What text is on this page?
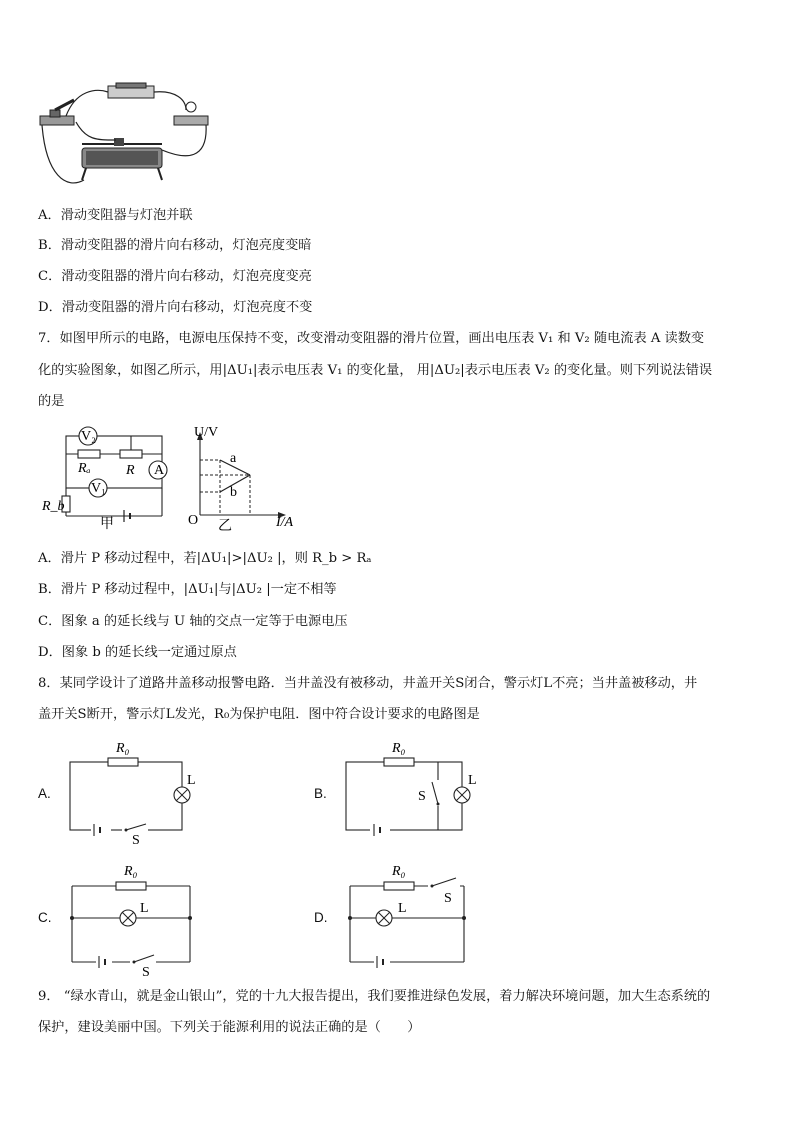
A．滑动变阻器与灯泡并联
B．滑动变阻器的滑片向右移动，灯泡亮度变暗
C．滑动变阻器的滑片向右移动，灯泡亮度变亮
D．滑动变阻器的滑片向右移动，灯泡亮度不变
7．如图甲所示的电路，电源电压保持不变，改变滑动变阻器的滑片位置，画出电压表 V₁ 和 V₂ 随电流表 A 读数变
化的实验图象，如图乙所示，用|ΔU₁|表示电压表 V₁ 的变化量， 用|ΔU₂|表示电压表 V₂ 的变化量。则下列说法错误
的是
V₂
Rₐ	R A
V₁
R_b
甲
U/V
I/A
O
a
b
乙
A．滑片 P 移动过程中，若|ΔU₁|>|ΔU₂ |，则 R_b > Rₐ
B．滑片 P 移动过程中，|ΔU₁|与|ΔU₂ |一定不相等
C．图象 a 的延长线与 U 轴的交点一定等于电源电压
D．图象 b 的延长线一定通过原点
8．某同学设计了道路井盖移动报警电路．当井盖没有被移动，井盖开关S闭合，警示灯L不亮；当井盖被移动，井
盖开关S断开，警示灯L发光，R₀为保护电阻．图中符合设计要求的电路图是
A.
R₀
L
S
B.
R₀
S
L
C.
R₀
L
S
D.
R₀
S
L
9． “绿水青山，就是金山银山”，党的十九大报告提出，我们要推进绿色发展，着力解决环境问题，加大生态系统的
保护，建设美丽中国。下列关于能源利用的说法正确的是（　　）
